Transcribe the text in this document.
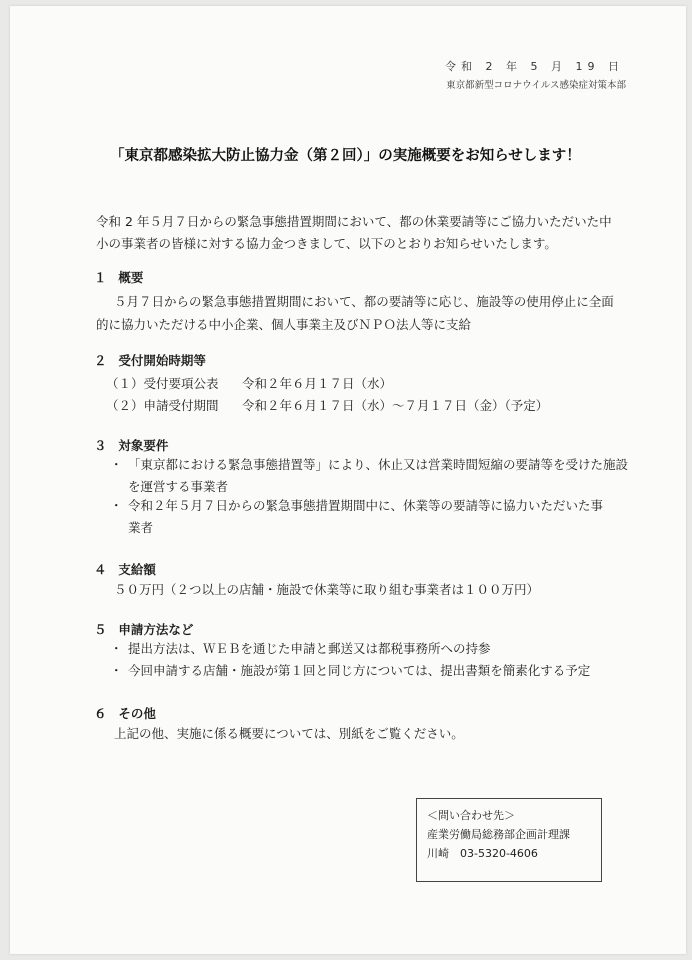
令和 2 年 5 月 19 日
東京都新型コロナウイルス感染症対策本部
「東京都感染拡大防止協力金（第２回）」の実施概要をお知らせします！
令和 2 年５月７日からの緊急事態措置期間において、都の休業要請等にご協力いただいた中
小の事業者の皆様に対する協力金つきまして、以下のとおりお知らせいたします。
１ 概要
５月７日からの緊急事態措置期間において、都の要請等に応じ、施設等の使用停止に全面
的に協力いただける中小企業、個人事業主及びＮＰＯ法人等に支給
２ 受付開始時期等
（１）受付要項公表 令和２年６月１７日（水）
（２）申請受付期間 令和２年６月１７日（水）～７月１７日（金）（予定）
３ 対象要件
・ 「東京都における緊急事態措置等」により、休止又は営業時間短縮の要請等を受けた施設
を運営する事業者
・ 令和２年５月７日からの緊急事態措置期間中に、休業等の要請等に協力いただいた事
業者
４ 支給額
５０万円（２つ以上の店舗・施設で休業等に取り組む事業者は１００万円）
５ 申請方法など
・ 提出方法は、ＷＥＢを通じた申請と郵送又は都税事務所への持参
・ 今回申請する店舗・施設が第１回と同じ方については、提出書類を簡素化する予定
６ その他
上記の他、実施に係る概要については、別紙をご覧ください。
＜問い合わせ先＞
産業労働局総務部企画計理課
川崎　03-5320-4606
